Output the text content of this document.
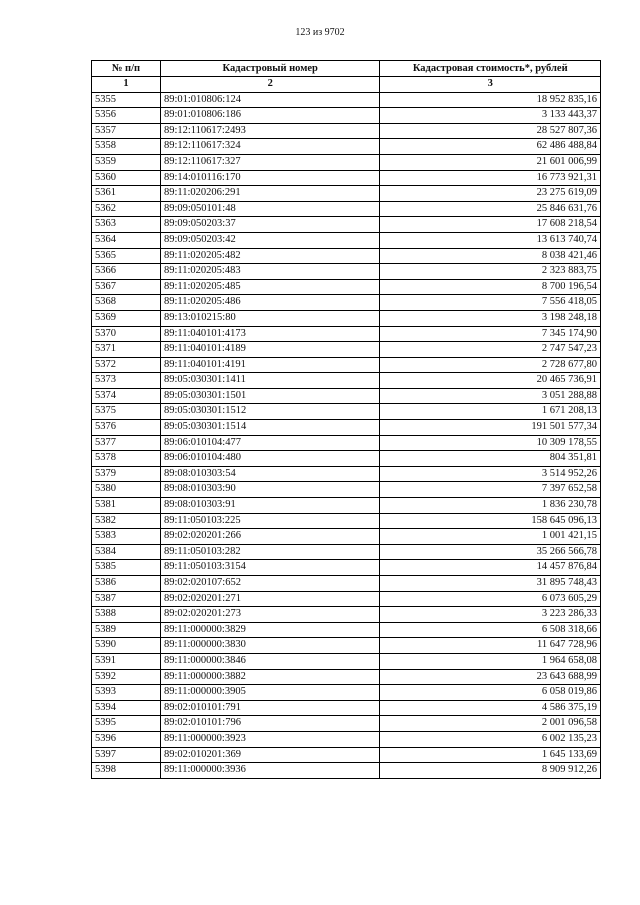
123 из 9702
№ п/п	Кадастровый номер	Кадастровая стоимость*, рублей
1	2	3
5355	89:01:010806:124	18 952 835,16
5356	89:01:010806:186	3 133 443,37
5357	89:12:110617:2493	28 527 807,36
5358	89:12:110617:324	62 486 488,84
5359	89:12:110617:327	21 601 006,99
5360	89:14:010116:170	16 773 921,31
5361	89:11:020206:291	23 275 619,09
5362	89:09:050101:48	25 846 631,76
5363	89:09:050203:37	17 608 218,54
5364	89:09:050203:42	13 613 740,74
5365	89:11:020205:482	8 038 421,46
5366	89:11:020205:483	2 323 883,75
5367	89:11:020205:485	8 700 196,54
5368	89:11:020205:486	7 556 418,05
5369	89:13:010215:80	3 198 248,18
5370	89:11:040101:4173	7 345 174,90
5371	89:11:040101:4189	2 747 547,23
5372	89:11:040101:4191	2 728 677,80
5373	89:05:030301:1411	20 465 736,91
5374	89:05:030301:1501	3 051 288,88
5375	89:05:030301:1512	1 671 208,13
5376	89:05:030301:1514	191 501 577,34
5377	89:06:010104:477	10 309 178,55
5378	89:06:010104:480	804 351,81
5379	89:08:010303:54	3 514 952,26
5380	89:08:010303:90	7 397 652,58
5381	89:08:010303:91	1 836 230,78
5382	89:11:050103:225	158 645 096,13
5383	89:02:020201:266	1 001 421,15
5384	89:11:050103:282	35 266 566,78
5385	89:11:050103:3154	14 457 876,84
5386	89:02:020107:652	31 895 748,43
5387	89:02:020201:271	6 073 605,29
5388	89:02:020201:273	3 223 286,33
5389	89:11:000000:3829	6 508 318,66
5390	89:11:000000:3830	11 647 728,96
5391	89:11:000000:3846	1 964 658,08
5392	89:11:000000:3882	23 643 688,99
5393	89:11:000000:3905	6 058 019,86
5394	89:02:010101:791	4 586 375,19
5395	89:02:010101:796	2 001 096,58
5396	89:11:000000:3923	6 002 135,23
5397	89:02:010201:369	1 645 133,69
5398	89:11:000000:3936	8 909 912,26
